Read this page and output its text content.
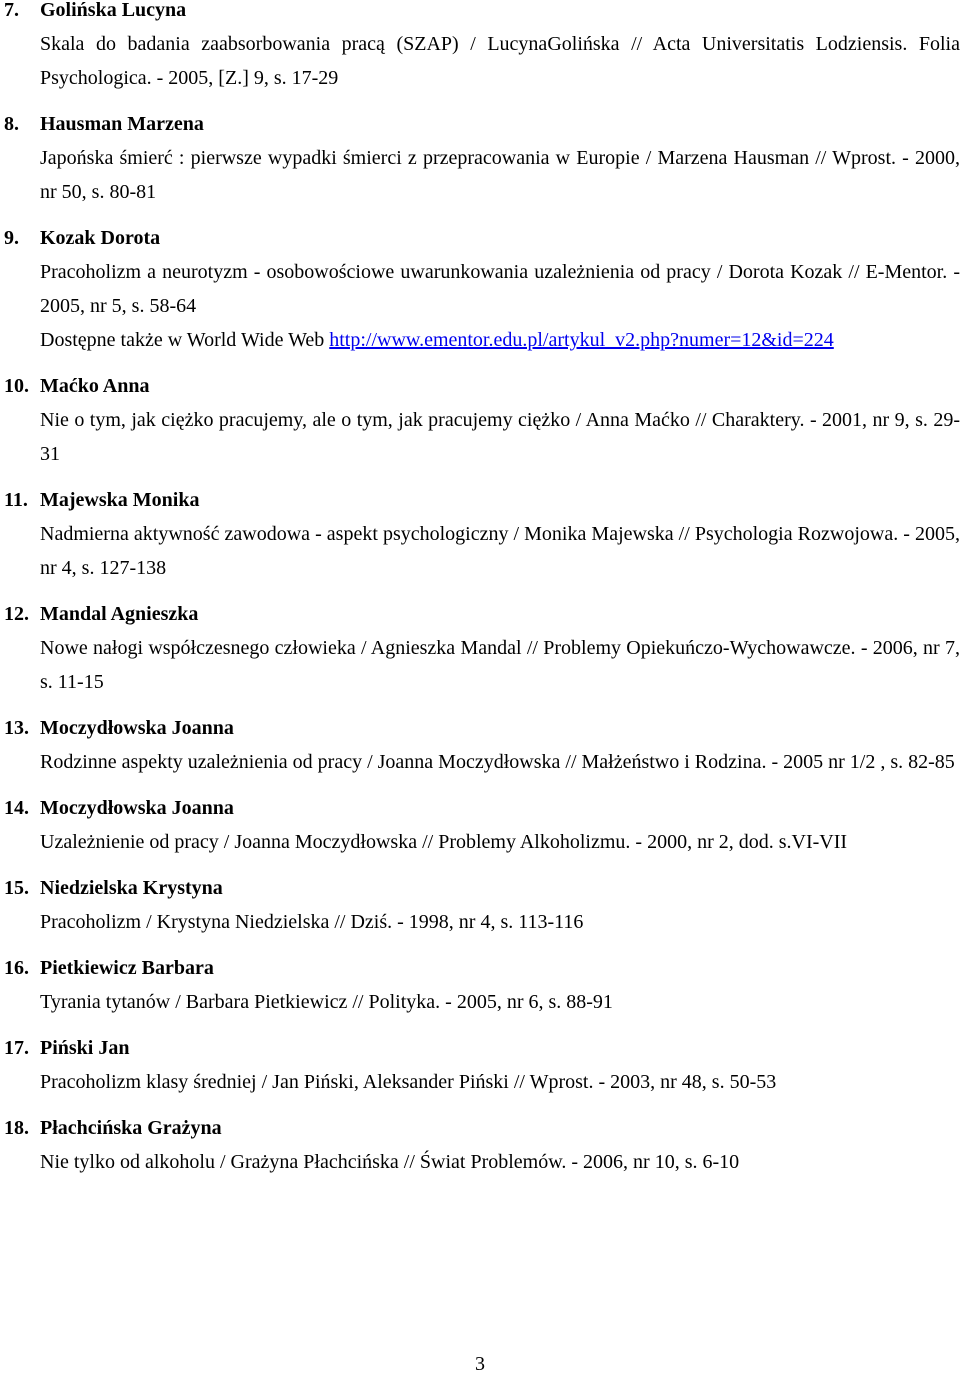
7. Golińska Lucyna
Skala do badania zaabsorbowania pracą (SZAP) / LucynaGolińska // Acta Universitatis Lodziensis. Folia Psychologica. - 2005, [Z.] 9, s. 17-29
8. Hausman Marzena
Japońska śmierć : pierwsze wypadki śmierci z przepracowania w Europie / Marzena Hausman // Wprost. - 2000, nr 50, s. 80-81
9. Kozak Dorota
Pracoholizm a neurotyzm - osobowościowe uwarunkowania uzależnienia od pracy / Dorota Kozak // E-Mentor. - 2005, nr 5, s. 58-64
Dostępne także w World Wide Web http://www.ementor.edu.pl/artykul_v2.php?numer=12&id=224
10. Maćko Anna
Nie o tym, jak ciężko pracujemy, ale o tym, jak pracujemy ciężko / Anna Maćko // Charaktery. - 2001, nr 9, s. 29-31
11. Majewska Monika
Nadmierna aktywność zawodowa - aspekt psychologiczny / Monika Majewska // Psychologia Rozwojowa. - 2005, nr 4, s. 127-138
12. Mandal Agnieszka
Nowe nałogi współczesnego człowieka / Agnieszka Mandal // Problemy Opiekuńczo-Wychowawcze. - 2006, nr 7, s. 11-15
13. Moczydłowska Joanna
Rodzinne aspekty uzależnienia od pracy / Joanna Moczydłowska // Małżeństwo i Rodzina. - 2005 nr 1/2 , s. 82-85
14. Moczydłowska Joanna
Uzależnienie od pracy / Joanna Moczydłowska // Problemy Alkoholizmu. - 2000, nr 2, dod. s.VI-VII
15. Niedzielska Krystyna
Pracoholizm / Krystyna Niedzielska // Dziś. - 1998, nr 4, s. 113-116
16. Pietkiewicz Barbara
Tyrania tytanów / Barbara Pietkiewicz // Polityka. - 2005, nr 6, s. 88-91
17. Piński Jan
Pracoholizm klasy średniej / Jan Piński, Aleksander Piński // Wprost. - 2003, nr 48, s. 50-53
18. Płachcińska Grażyna
Nie tylko od alkoholu / Grażyna Płachcińska // Świat Problemów. - 2006, nr 10, s. 6-10
3
